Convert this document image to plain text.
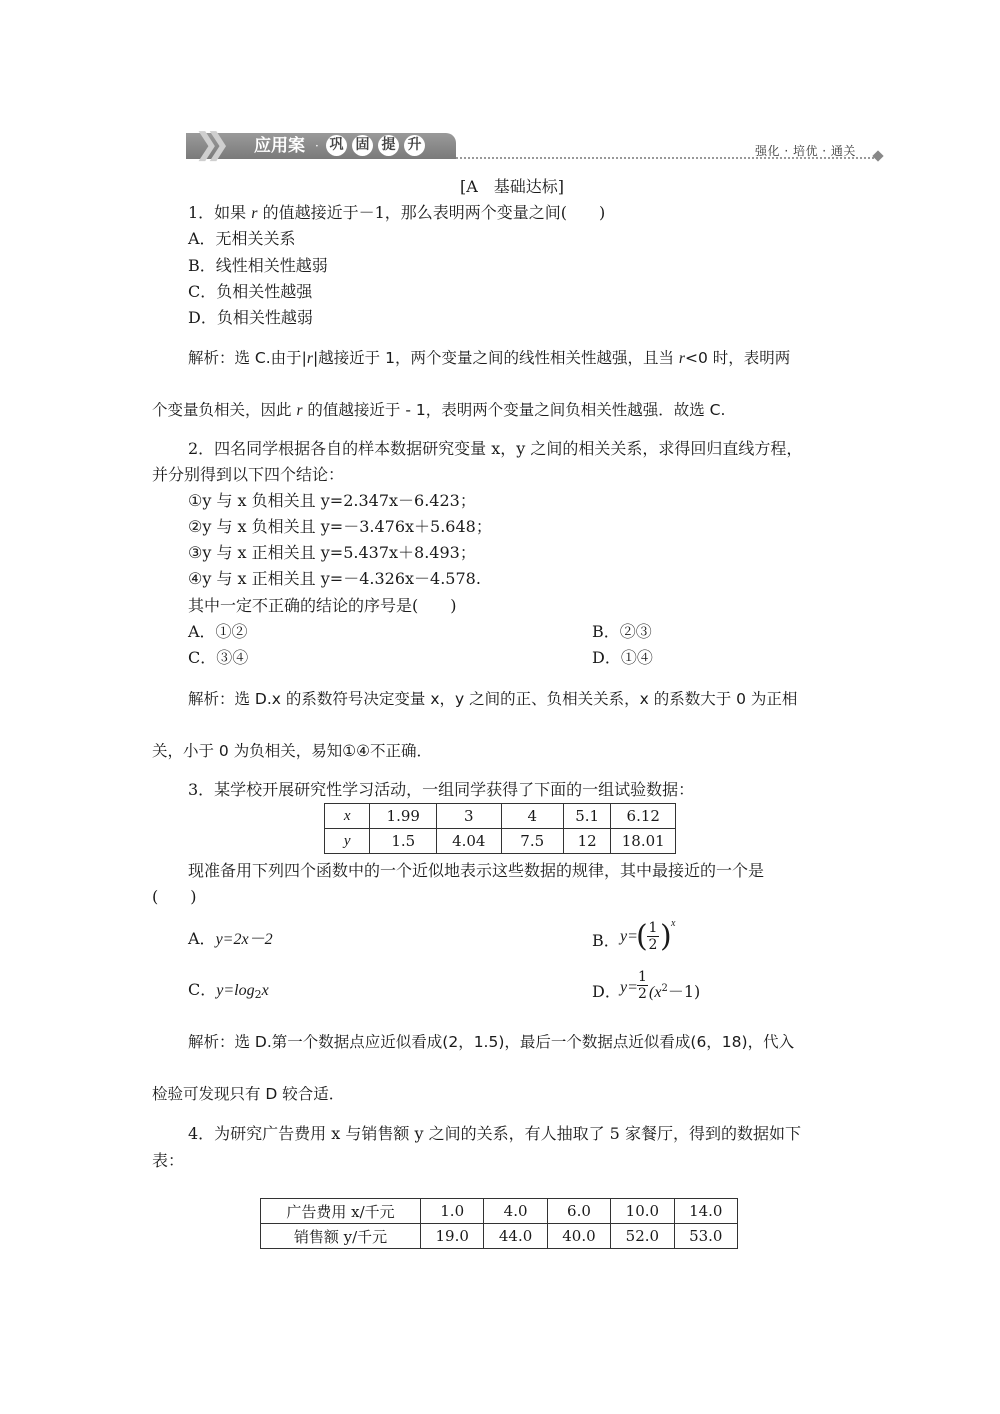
❯❯ 应用案 · 巩 固 提 升	强化 · 培优 · 通关
[A　基础达标]
1．如果 r 的值越接近于－1，那么表明两个变量之间(　　)
A．无相关关系
B．线性相关性越弱
C．负相关性越强
D．负相关性越弱
解析：选 C.由于|r|越接近于 1，两个变量之间的线性相关性越强，且当 r<0 时，表明两
个变量负相关，因此 r 的值越接近于 - 1，表明两个变量之间负相关性越强．故选 C.
2．四名同学根据各自的样本数据研究变量 x，y 之间的相关关系，求得回归直线方程，
并分别得到以下四个结论：
①y 与 x 负相关且 y=2.347x－6.423；
②y 与 x 负相关且 y=－3.476x＋5.648；
③y 与 x 正相关且 y=5.437x＋8.493；
④y 与 x 正相关且 y=－4.326x－4.578.
其中一定不正确的结论的序号是(　　)
A．①②	B．②③
C．③④	D．①④
解析：选 D.x 的系数符号决定变量 x，y 之间的正、负相关关系，x 的系数大于 0 为正相
关，小于 0 为负相关，易知①④不正确．
3．某学校开展研究性学习活动，一组同学获得了下面的一组试验数据：
x	1.99	3	4	5.1	6.12
y	1.5	4.04	7.5	12	18.01
现准备用下列四个函数中的一个近似地表示这些数据的规律，其中最接近的一个是
(　　)
A．y=2x－2	B． y=
( 1
2 ) x
C．y=log2x	D． y=
1
2 $(x^2-1)$
解析：选 D.第一个数据点应近似看成(2，1.5)，最后一个数据点近似看成(6，18)，代入
检验可发现只有 D 较合适．
4．为研究广告费用 x 与销售额 y 之间的关系，有人抽取了 5 家餐厅，得到的数据如下
表：
广告费用 x/千元	1.0	4.0	6.0	10.0	14.0
销售额 y/千元	19.0	44.0	40.0	52.0	53.0
